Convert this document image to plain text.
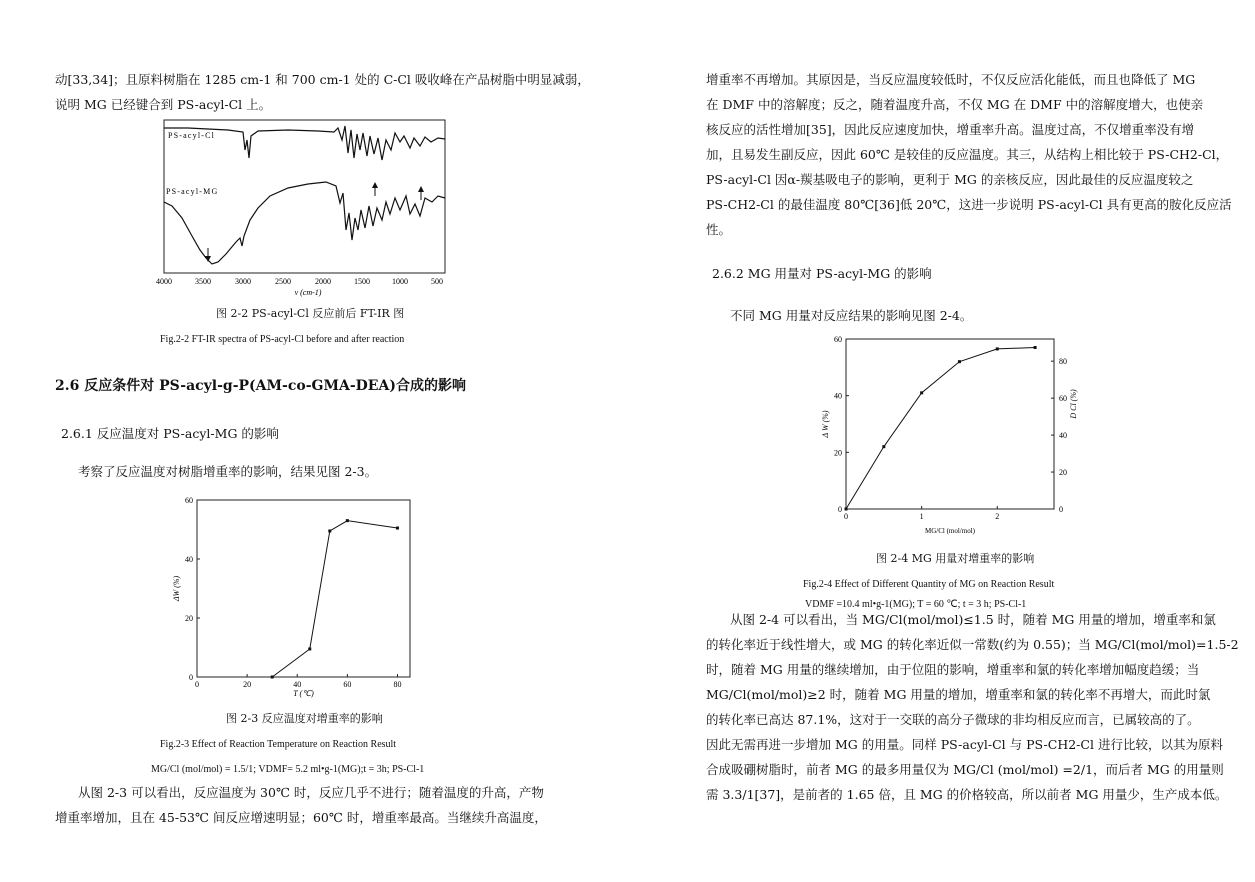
动[33,34]；且原料树脂在 1285 cm-1 和 700 cm-1 处的 C-Cl 吸收峰在产品树脂中明显减弱，
说明 MG 已经键合到 PS-acyl-Cl 上。
PS-acyl-Cl
PS-acyl-MG
4000	3500	3000	2500	2000	1500	1000	500
ν (cm-1)
图 2-2 PS-acyl-Cl 反应前后 FT-IR 图
Fig.2-2 FT-IR spectra of PS-acyl-Cl before and after reaction
2.6 反应条件对 PS-acyl-g-P(AM-co-GMA-DEA)合成的影响
2.6.1 反应温度对 PS-acyl-MG 的影响
考察了反应温度对树脂增重率的影响，结果见图 2-3。
0	20	40	60	80
0
20
40
60
T (℃)
ΔW (%)
图 2-3 反应温度对增重率的影响
Fig.2-3 Effect of Reaction Temperature on Reaction Result
MG/Cl (mol/mol) = 1.5/1; VDMF= 5.2 ml•g-1(MG);t = 3h; PS-Cl-1
从图 2-3 可以看出，反应温度为 30℃ 时，反应几乎不进行；随着温度的升高，产物
增重率增加，且在 45-53℃ 间反应增速明显；60℃ 时，增重率最高。当继续升高温度，
增重率不再增加。其原因是，当反应温度较低时，不仅反应活化能低，而且也降低了 MG
在 DMF 中的溶解度；反之，随着温度升高，不仅 MG 在 DMF 中的溶解度增大，也使亲
核反应的活性增加[35]，因此反应速度加快，增重率升高。温度过高，不仅增重率没有增
加，且易发生副反应，因此 60℃ 是较佳的反应温度。其三，从结构上相比较于 PS-CH2-Cl，
PS-acyl-Cl 因α-羰基吸电子的影响，更利于 MG 的亲核反应，因此最佳的反应温度较之
PS-CH2-Cl 的最佳温度 80℃[36]低 20℃，这进一步说明 PS-acyl-Cl 具有更高的胺化反应活
性。
2.6.2 MG 用量对 PS-acyl-MG 的影响
不同 MG 用量对反应结果的影响见图 2-4。
0	1	2
0
20
40
60
0
20
40
60
80
MG/Cl (mol/mol)
Δ W (%)
D Cl (%)
图 2-4 MG 用量对增重率的影响
Fig.2-4 Effect of Different Quantity of MG on Reaction Result
VDMF =10.4 ml•g-1(MG); T = 60 ℃; t = 3 h; PS-Cl-1
从图 2-4 可以看出，当 MG/Cl(mol/mol)≤1.5 时，随着 MG 用量的增加，增重率和氯
的转化率近于线性增大，或 MG 的转化率近似一常数(约为 0.55)；当 MG/Cl(mol/mol)=1.5-2
时，随着 MG 用量的继续增加，由于位阻的影响，增重率和氯的转化率增加幅度趋缓；当
MG/Cl(mol/mol)≥2 时，随着 MG 用量的增加，增重率和氯的转化率不再增大，而此时氯
的转化率已高达 87.1%，这对于一交联的高分子微球的非均相反应而言，已属较高的了。
因此无需再进一步增加 MG 的用量。同样 PS-acyl-Cl 与 PS-CH2-Cl 进行比较，以其为原料
合成吸硼树脂时，前者 MG 的最多用量仅为 MG/Cl (mol/mol) =2/1，而后者 MG 的用量则
需 3.3/1[37]，是前者的 1.65 倍，且 MG 的价格较高，所以前者 MG 用量少，生产成本低。
